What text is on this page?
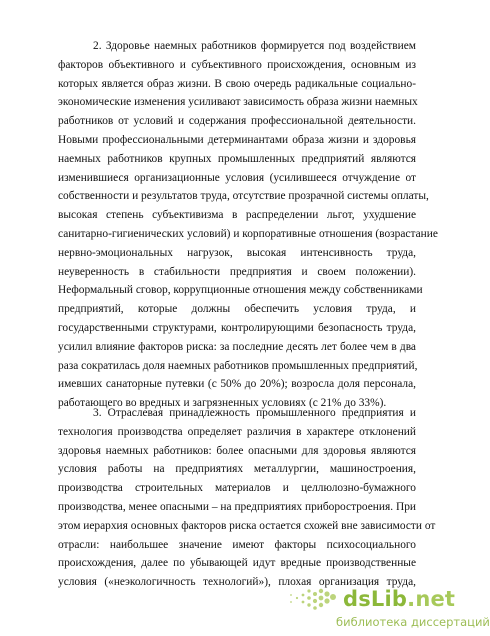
2. Здоровье наемных работников формируется под воздействием
факторов объективного и субъективного происхождения, основным из
которых является образ жизни. В свою очередь радикальные социально-
экономические изменения усиливают зависимость образа жизни наемных
работников от условий и содержания профессиональной деятельности.
Новыми профессиональными детерминантами образа жизни и здоровья
наемных работников крупных промышленных предприятий являются
изменившиеся организационные условия (усилившееся отчуждение от
собственности и результатов труда, отсутствие прозрачной системы оплаты,
высокая степень субъективизма в распределении льгот, ухудшение
санитарно-гигиенических условий) и корпоративные отношения (возрастание
нервно-эмоциональных нагрузок, высокая интенсивность труда,
неуверенность в стабильности предприятия и своем положении).
Неформальный сговор, коррупционные отношения между собственниками
предприятий, которые должны обеспечить условия труда, и
государственными структурами, контролирующими безопасность труда,
усилил влияние факторов риска: за последние десять лет более чем в два
раза сократилась доля наемных работников промышленных предприятий,
имевших санаторные путевки (с 50% до 20%); возросла доля персонала,
работающего во вредных и загрязненных условиях (с 21% до 33%).
3. Отраслевая принадлежность промышленного предприятия и
технология производства определяет различия в характере отклонений
здоровья наемных работников: более опасными для здоровья являются
условия работы на предприятиях металлургии, машиностроения,
производства строительных материалов и целлюлозно-бумажного
производства, менее опасными – на предприятиях приборостроения. При
этом иерархия основных факторов риска остается схожей вне зависимости от
отрасли: наибольшее значение имеют факторы психосоциального
происхождения, далее по убывающей идут вредные производственные
условия («неэкологичность технологий»), плохая организация труда,
dsLib.net
библиотека диссертаций
